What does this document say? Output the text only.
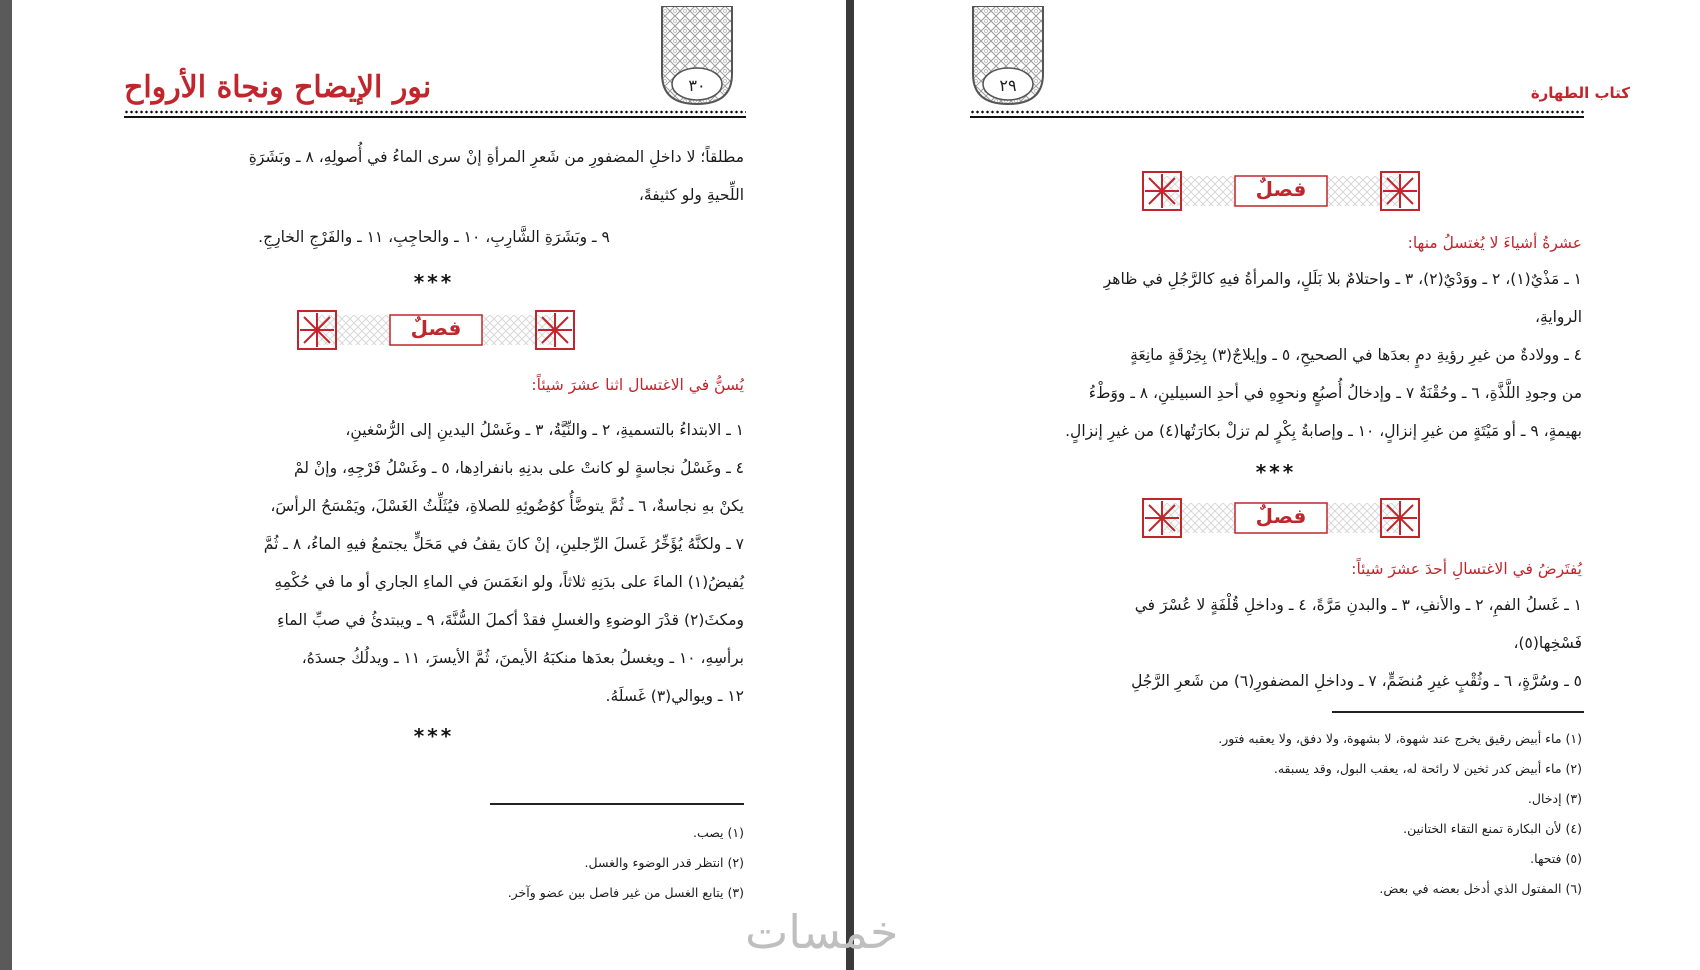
٣٠
نور الإيضاح ونجاة الأرواح
مطلقاً؛ لا داخلِ المضفورِ من شَعرِ المرأةِ إنْ سرى الماءُ في أُصولِهِ، ٨ ـ وبَشَرَةِ
اللِّحيةِ ولو كثيفةً،
٩ ـ وبَشَرَةِ الشَّارِبِ، ١٠ ـ والحاجِبِ، ١١ ـ والفَرْجِ الخارِجِ.
***
فصلٌ
يُسنُّ في الاغتسال اثنا عشرَ شيئاً:
١ ـ الابتداءُ بالتسميةِ، ٢ ـ والنِّيَّةُ، ٣ ـ وغَسْلُ اليدينِ إلى الرُّسْغينِ،
٤ ـ وغَسْلُ نجاسةٍ لو كانتْ على بدنِهِ بانفرادِها، ٥ ـ وغَسْلُ فَرْجِهِ، وإنْ لمْ
يكنْ بهِ نجاسةٌ، ٦ ـ ثُمَّ يتوضَّأُ كوُضُوئِهِ للصلاةِ، فيُثَلِّثُ الغَسْلَ، ويَمْسَحُ الرأسَ،
٧ ـ ولكنَّهُ يُؤَخِّرُ غَسلَ الرِّجلينِ، إنْ كانَ يقفُ في مَحَلٍّ يجتمعُ فيهِ الماءُ، ٨ ـ ثُمَّ
يُفيضُ(١) الماءَ على بدَنِهِ ثلاثاً، ولو انغَمَسَ في الماءِ الجاري أو ما في حُكْمِهِ
ومكثَ(٢) قدْرَ الوضوءِ والغسلِ فقدْ أكملَ السُّنَّةَ، ٩ ـ ويبتدئُ في صبِّ الماءِ
برأسِهِ، ١٠ ـ ويغسلُ بعدَها منكبَهُ الأيمنَ، ثُمَّ الأيسرَ، ١١ ـ ويدلُكُ جسدَهُ،
١٢ ـ ويوالي(٣) غَسلَهُ.
***
(١) يصب.
(٢) انتظر قدر الوضوء والغسل.
(٣) يتابع الغسل من غير فاصل بين عضو وآخر.
٢٩	كتاب الطهارة
فصلٌ
عشرةُ أشياءَ لا يُغتسلُ منها:
١ ـ مَذْيٌ(١)، ٢ ـ ووَدْيٌ(٢)، ٣ ـ واحتلامٌ بلا بَلَلٍ، والمرأةُ فيهِ كالرَّجُلِ في ظاهرِ
الروايةِ،
٤ ـ وولادةٌ من غيرِ رؤيةِ دمٍ بعدَها في الصحيحِ، ٥ ـ وإيلاجٌ(٣) بِخِرْقَةٍ مانِعَةٍ
من وجودِ اللَّذَّةِ، ٦ ـ وحُقْنَةٌ ٧ ـ وإدخالُ أُصبُعٍ ونحوِهِ في أحدِ السبيلينِ، ٨ ـ ووَطْءُ
بهيمةٍ، ٩ ـ أو مَيْتَةٍ من غيرِ إنزالٍ، ١٠ ـ وإصابةُ بِكْرٍ لم تزلْ بكارَتُها(٤) من غيرِ إنزالٍ.
***
فصلٌ
يُفتَرضُ في الاغتسالِ أحدَ عشرَ شيئاً:
١ ـ غَسلُ الفمِ، ٢ ـ والأنفِ، ٣ ـ والبدنِ مَرَّةً، ٤ ـ وداخلِ قُلْفَةٍ لا عُسْرَ في
فَسْخِها(٥)،
٥ ـ وسُرَّةٍ، ٦ ـ وثُقْبٍ غيرِ مُنضَمٍّ، ٧ ـ وداخلِ المضفورِ(٦) من شَعرِ الرَّجُلِ
(١) ماء أبيض رقيق يخرج عند شهوة، لا بشهوة، ولا دفق، ولا يعقبه فتور.
(٢) ماء أبيض كدر ثخين لا رائحة له، يعقب البول، وقد يسبقه.
(٣) إدخال.
(٤) لأن البكارة تمنع التقاء الختانين.
(٥) فتحها.
(٦) المفتول الذي أدخل بعضه في بعض.
خمسات
